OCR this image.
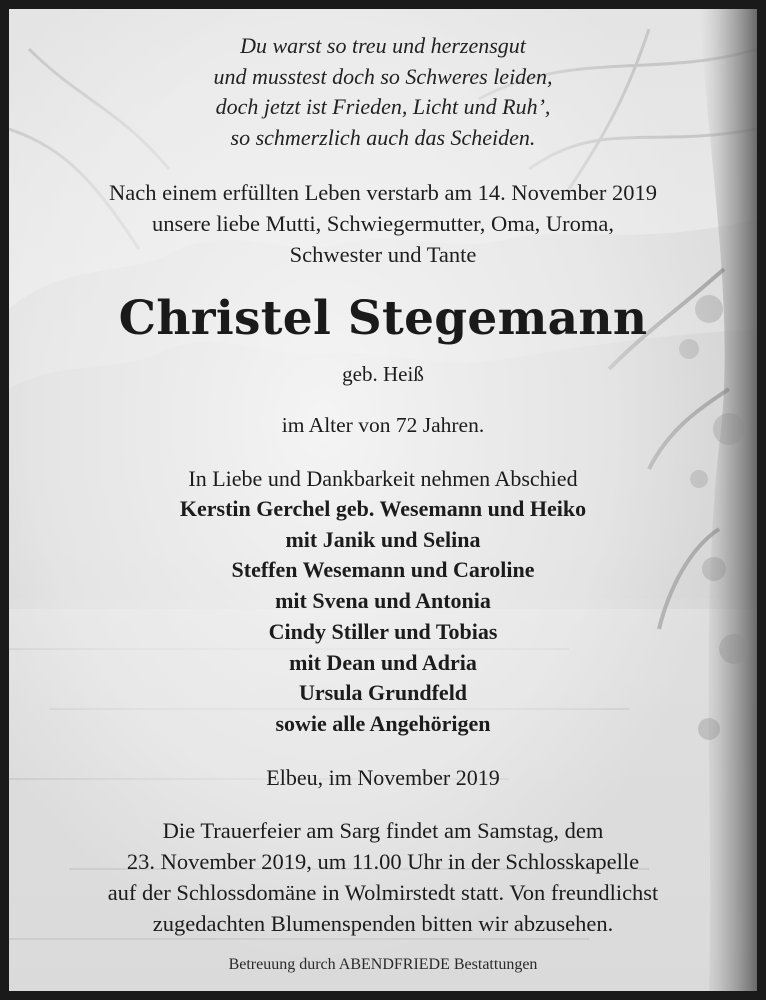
Du warst so treu und herzensgut
und musstest doch so Schweres leiden,
doch jetzt ist Frieden, Licht und Ruh’,
so schmerzlich auch das Scheiden.
Nach einem erfüllten Leben verstarb am 14. November 2019
unsere liebe Mutti, Schwiegermutter, Oma, Uroma,
Schwester und Tante
Christel Stegemann
geb. Heiß
im Alter von 72 Jahren.
In Liebe und Dankbarkeit nehmen Abschied
Kerstin Gerchel geb. Wesemann und Heiko
mit Janik und Selina
Steffen Wesemann und Caroline
mit Svena und Antonia
Cindy Stiller und Tobias
mit Dean und Adria
Ursula Grundfeld
sowie alle Angehörigen
Elbeu, im November 2019
Die Trauerfeier am Sarg findet am Samstag, dem
23. November 2019, um 11.00 Uhr in der Schlosskapelle
auf der Schlossdomäne in Wolmirstedt statt. Von freundlichst
zugedachten Blumenspenden bitten wir abzusehen.
Betreuung durch ABENDFRIEDE Bestattungen
